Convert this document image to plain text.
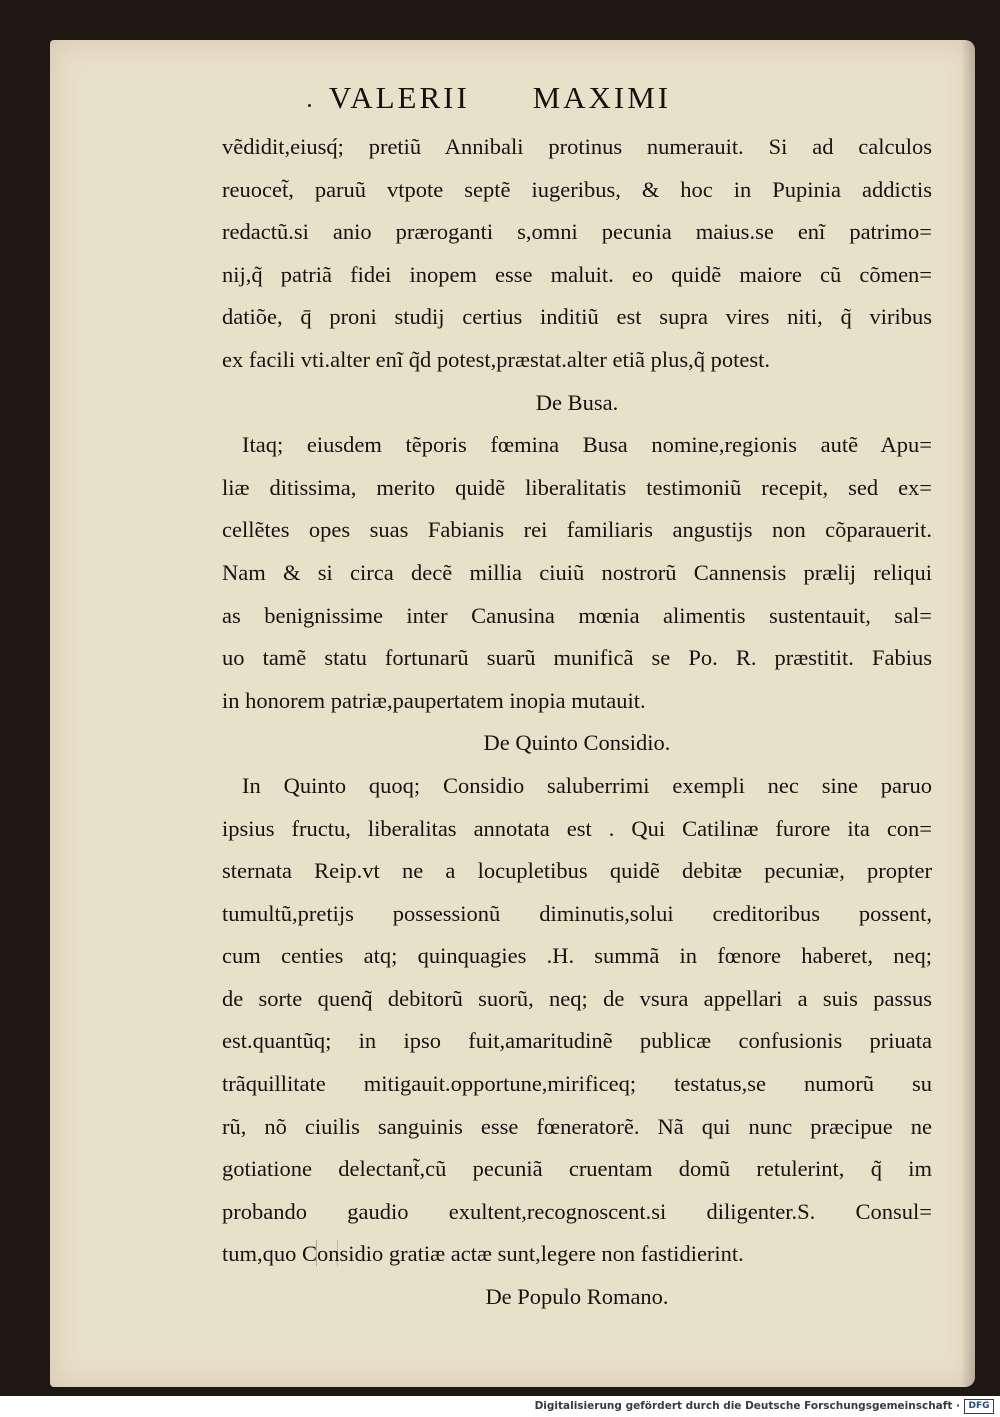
VALERII MAXIMI
vẽdidit,eiusq́; pretiũ Annibali protinus numerauit. Si ad calculos
reuocet̃, paruũ vtpote septẽ iugeribus, & hoc in Pupinia addictis
redactũ.si anio præroganti s,omni pecunia maius.se enĩ patrimo=
nij,q̃ patriã fidei inopem esse maluit. eo quidẽ maiore cũ cõmen=
datiõe, q̄ proni studij certius inditiũ est supra vires niti, q̃ viribus
ex facili vti.alter enĩ q̃d potest,præstat.alter etiã plus,q̃ potest.
De Busa.
Itaq; eiusdem tẽporis fœmina Busa nomine,regionis autẽ Apu=
liæ ditissima, merito quidẽ liberalitatis testimoniũ recepit, sed ex=
cellẽtes opes suas Fabianis rei familiaris angustijs non cõparauerit.
Nam & si circa decẽ millia ciuiũ nostrorũ Cannensis prælij reliqui
as benignissime inter Canusina mœnia alimentis sustentauit, sal=
uo tamẽ statu fortunarũ suarũ munificã se Po. R. præstitit. Fabius
in honorem patriæ,paupertatem inopia mutauit.
De Quinto Considio.
In Quinto quoq; Considio saluberrimi exempli nec sine paruo
ipsius fructu, liberalitas annotata est . Qui Catilinæ furore ita con=
sternata Reip.vt ne a locupletibus quidẽ debitæ pecuniæ, propter
tumultũ,pretijs possessionũ diminutis,solui creditoribus possent,
cum centies atq; quinquagies .H. summã in fœnore haberet, neq;
de sorte quenq̃ debitorũ suorũ, neq; de vsura appellari a suis passus
est.quantũq; in ipso fuit,amaritudinẽ publicæ confusionis priuata
trãquillitate mitigauit.opportune,mirificeq; testatus,se numorũ su
rũ, nõ ciuilis sanguinis esse fœneratorẽ. Nã qui nunc præcipue ne
gotiatione delectant̃,cũ pecuniã cruentam domũ retulerint, q̃ im
probando gaudio exultent,recognoscent.si diligenter.S. Consul=
tum,quo Considio gratiæ actæ sunt,legere non fastidierint.
De Populo Romano.
Digitalisierung gefördert durch die Deutsche Forschungsgemeinschaft · DFG
